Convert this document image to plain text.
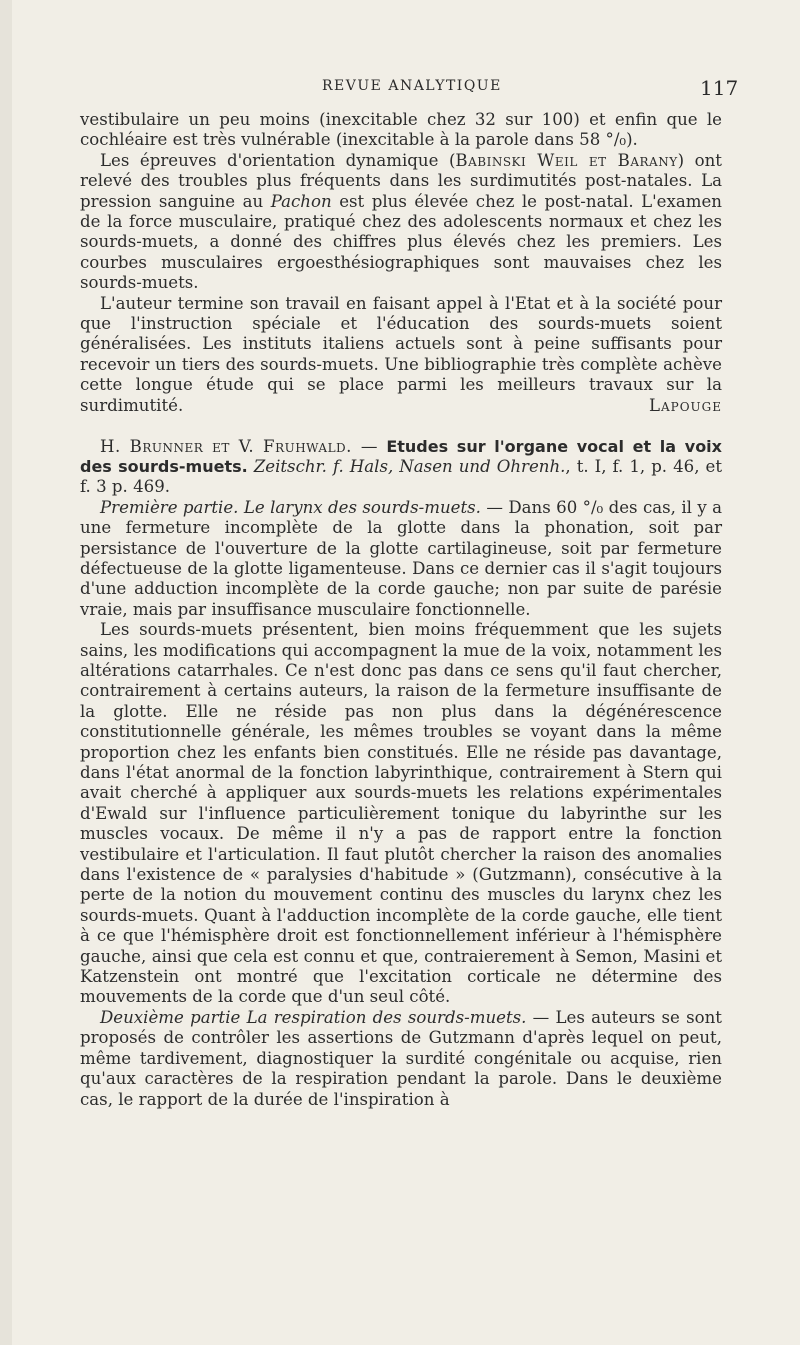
REVUE ANALYTIQUE	117

vestibulaire un peu moins (inexcitable chez 32 sur 100) et enfin que le cochléaire est très vulnérable (inexcitable à la parole dans 58 °/₀).

Les épreuves d'orientation dynamique (Babinski Weil et Barany) ont relevé des troubles plus fréquents dans les surdimutités post-natales. La pression sanguine au Pachon est plus élevée chez le post-natal. L'examen de la force musculaire, pratiqué chez des adolescents normaux et chez les sourds-muets, a donné des chiffres plus élevés chez les premiers. Les courbes musculaires ergoesthésiographiques sont mauvaises chez les sourds-muets.

L'auteur termine son travail en faisant appel à l'Etat et à la société pour que l'instruction spéciale et l'éducation des sourds-muets soient généralisées. Les instituts italiens actuels sont à peine suffisants pour recevoir un tiers des sourds-muets. Une bibliographie très complète achève cette longue étude qui se place parmi les meilleurs travaux sur la surdimutité.	Lapouge

H. Brunner et V. Fruhwald. — Etudes sur l'organe vocal et la voix des sourds-muets. Zeitschr. f. Hals, Nasen und Ohrenh., t. I, f. 1, p. 46, et f. 3 p. 469.

Première partie. Le larynx des sourds-muets. — Dans 60 °/₀ des cas, il y a une fermeture incomplète de la glotte dans la phonation, soit par persistance de l'ouverture de la glotte cartilagineuse, soit par fermeture défectueuse de la glotte ligamenteuse. Dans ce dernier cas il s'agit toujours d'une adduction incomplète de la corde gauche; non par suite de parésie vraie, mais par insuffisance musculaire fonctionnelle.

Les sourds-muets présentent, bien moins fréquemment que les sujets sains, les modifications qui accompagnent la mue de la voix, notamment les altérations catarrhales. Ce n'est donc pas dans ce sens qu'il faut chercher, contrairement à certains auteurs, la raison de la fermeture insuffisante de la glotte. Elle ne réside pas non plus dans la dégénérescence constitutionnelle générale, les mêmes troubles se voyant dans la même proportion chez les enfants bien constitués. Elle ne réside pas davantage, dans l'état anormal de la fonction labyrinthique, contrairement à Stern qui avait cherché à appliquer aux sourds-muets les relations expérimentales d'Ewald sur l'influence particulièrement tonique du labyrinthe sur les muscles vocaux. De même il n'y a pas de rapport entre la fonction vestibulaire et l'articulation. Il faut plutôt chercher la raison des anomalies dans l'existence de « paralysies d'habitude » (Gutzmann), consécutive à la perte de la notion du mouvement continu des muscles du larynx chez les sourds-muets. Quant à l'adduction incomplète de la corde gauche, elle tient à ce que l'hémisphère droit est fonctionnellement inférieur à l'hémisphère gauche, ainsi que cela est connu et que, contraierement à Semon, Masini et Katzenstein ont montré que l'excitation corticale ne détermine des mouvements de la corde que d'un seul côté.

Deuxième partie La respiration des sourds-muets. — Les auteurs se sont proposés de contrôler les assertions de Gutzmann d'après lequel on peut, même tardivement, diagnostiquer la surdité congénitale ou acquise, rien qu'aux caractères de la respiration pendant la parole. Dans le deuxième cas, le rapport de la durée de l'inspiration à
